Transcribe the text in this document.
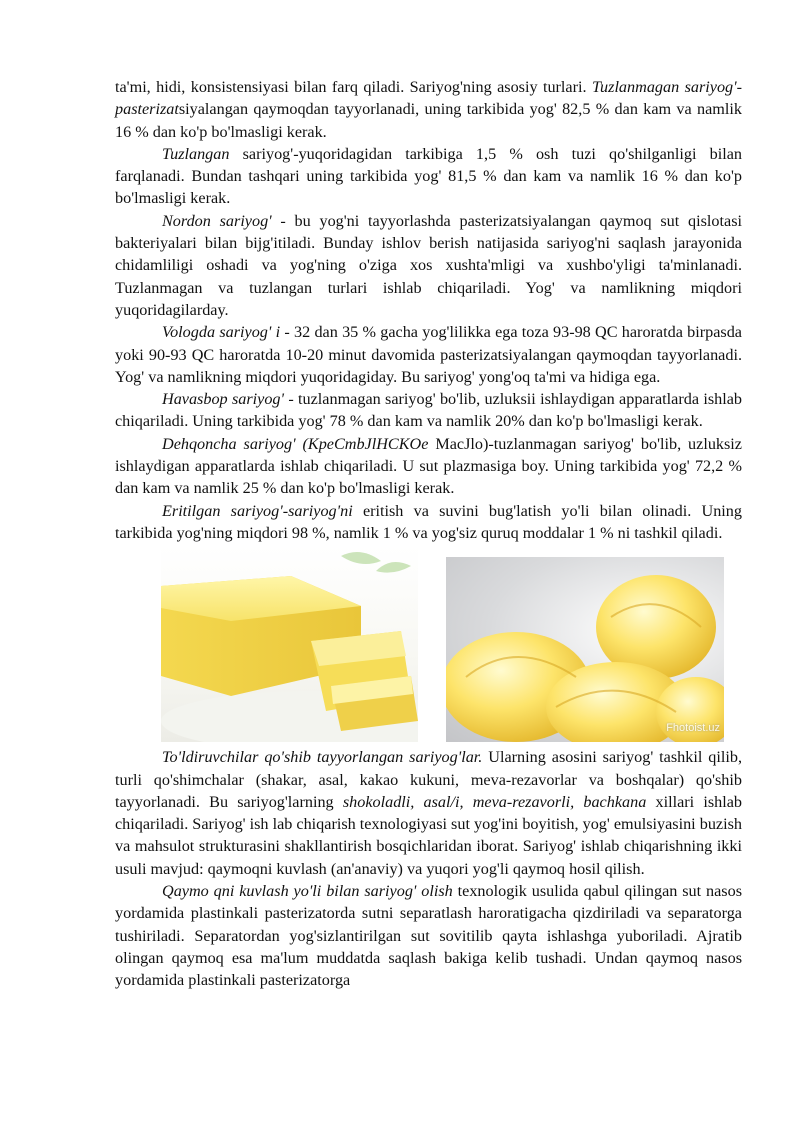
ta'mi, hidi, konsistensiyasi bilan farq qiladi. Sariyog'ning asosiy turlari. Tuzlanmagan sariyog'-pasterizatsiyalangan qaymoqdan tayyorlanadi, uning tarkibida yog' 82,5 % dan kam va namlik 16 % dan ko'p bo'lmasligi kerak.

Tuzlangan sariyog'-yuqoridagidan tarkibiga 1,5 % osh tuzi qo'shilganligi bilan farqlanadi. Bundan tashqari uning tarkibida yog' 81,5 % dan kam va namlik 16 % dan ko'p bo'lmasligi kerak.

Nordon sariyog' - bu yog'ni tayyorlashda pasterizatsiyalangan qaymoq sut qislotasi bakteriyalari bilan bijg'itiladi. Bunday ishlov berish natijasida sariyog'ni saqlash jarayonida chidamliligi oshadi va yog'ning o'ziga xos xushta'mligi va xushbo'yligi ta'minlanadi. Tuzlanmagan va tuzlangan turlari ishlab chiqariladi. Yog' va namlikning miqdori yuqoridagilarday.

Vologda sariyog' i - 32 dan 35 % gacha yog'lilikka ega toza 93-98 QC haroratda birpasda yoki 90-93 QC haroratda 10-20 minut davomida pasterizatsiyalangan qaymoqdan tayyorlanadi. Yog' va namlikning miqdori yuqoridagiday. Bu sariyog' yong'oq ta'mi va hidiga ega.

Havasbop sariyog' - tuzlanmagan sariyog' bo'lib, uzluksii ishlaydigan apparatlarda ishlab chiqariladi. Uning tarkibida yog' 78 % dan kam va namlik 20% dan ko'p bo'lmasligi kerak.

Dehqoncha sariyog' (KpeCmbJlHCKOe MacJlo)-tuzlanmagan sariyog' bo'lib, uzluksiz ishlaydigan apparatlarda ishlab chiqariladi. U sut plazmasiga boy. Uning tarkibida yog' 72,2 % dan kam va namlik 25 % dan ko'p bo'lmasligi kerak.

Eritilgan sariyog'-sariyog'ni eritish va suvini bug'latish yo'li bilan olinadi. Uning tarkibida yog'ning miqdori 98 %, namlik 1 % va yog'siz quruq moddalar 1 % ni tashkil qiladi.

Fhotoist.uz

To'ldiruvchilar qo'shib tayyorlangan sariyog'lar. Ularning asosini sariyog' tashkil qilib, turli qo'shimchalar (shakar, asal, kakao kukuni, meva-rezavorlar va boshqalar) qo'shib tayyorlanadi. Bu sariyog'larning shokoladli, asal/i, meva-rezavorli, bachkana xillari ishlab chiqariladi. Sariyog' ish lab chiqarish texnologiyasi sut yog'ini boyitish, yog' emulsiyasini buzish va mahsulot strukturasini shakllantirish bosqichlaridan iborat. Sariyog' ishlab chiqarishning ikki usuli mavjud: qaymoqni kuvlash (an'anaviy) va yuqori yog'li qaymoq hosil qilish.

Qaymo qni kuvlash yo'li bilan sariyog' olish texnologik usulida qabul qilingan sut nasos yordamida plastinkali pasterizatorda sutni separatlash haroratigacha qizdiriladi va separatorga tushiriladi. Separatordan yog'sizlantirilgan sut sovitilib qayta ishlashga yuboriladi. Ajratib olingan qaymoq esa ma'lum muddatda saqlash bakiga kelib tushadi. Undan qaymoq nasos yordamida plastinkali pasterizatorga
